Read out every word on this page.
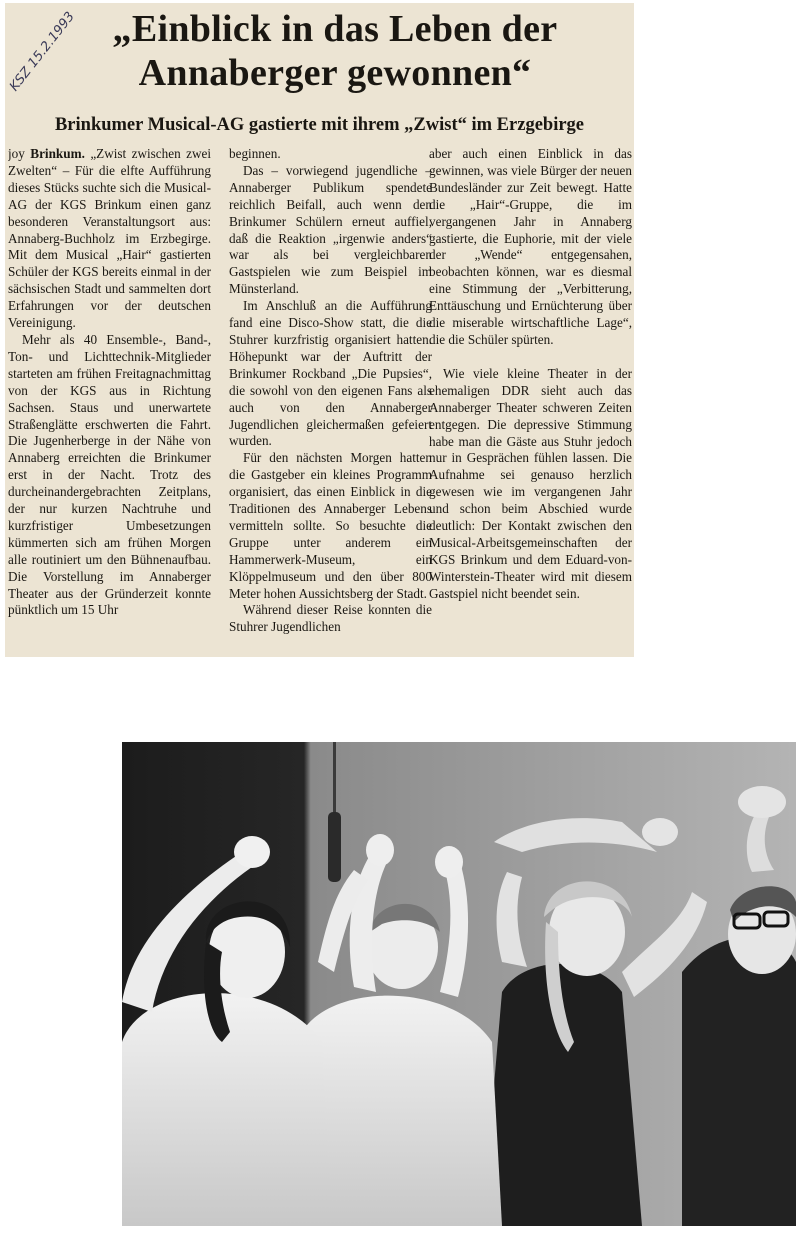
KSZ 15.2.1993 „Einblick in das Leben der
Annaberger gewonnen“
Brinkumer Musical-AG gastierte mit ihrem „Zwist“ im Erzgebirge

joy Brinkum. „Zwist zwischen zwei Zwelten“ – Für die elfte Aufführung dieses Stücks suchte sich die Musical-AG der KGS Brinkum einen ganz besonderen Veranstaltungsort aus: Annaberg-Buchholz im Erzbegirge. Mit dem Musical „Hair“ gastierten Schüler der KGS bereits einmal in der sächsischen Stadt und sammelten dort Erfahrungen vor der deutschen Vereinigung.

Mehr als 40 Ensemble-, Band-, Ton- und Lichttechnik-Mitglieder starteten am frühen Freitagnachmittag von der KGS aus in Richtung Sachsen. Staus und unerwartete Straßenglätte erschwerten die Fahrt. Die Jugenherberge in der Nähe von Annaberg erreichten die Brinkumer erst in der Nacht. Trotz des durcheinandergebrachten Zeitplans, der nur kurzen Nachtruhe und kurzfristiger Umbesetzungen kümmerten sich am frühen Morgen alle routiniert um den Bühnenaufbau. Die Vorstellung im Annaberger Theater aus der Gründerzeit konnte pünktlich um 15 Uhr

beginnen.

Das – vorwiegend jugendliche – Annaberger Publikum spendete reichlich Beifall, auch wenn den Brinkumer Schülern erneut auffiel, daß die Reaktion „irgenwie anders“ war als bei vergleichbaren Gastspielen wie zum Beispiel im Münsterland.

Im Anschluß an die Aufführung fand eine Disco-Show statt, die die Stuhrer kurzfristig organisiert hatten. Höhepunkt war der Auftritt der Brinkumer Rockband „Die Pupsies“, die sowohl von den eigenen Fans als auch von den Annaberger Jugendlichen gleichermaßen gefeiert wurden.

Für den nächsten Morgen hatten die Gastgeber ein kleines Programm organisiert, das einen Einblick in die Traditionen des Annaberger Lebens vermitteln sollte. So besuchte die Gruppe unter anderem ein Hammerwerk-Museum, ein Klöppelmuseum und den über 800 Meter hohen Aussichtsberg der Stadt.

Während dieser Reise konnten die Stuhrer Jugendlichen

aber auch einen Einblick in das gewinnen, was viele Bürger der neuen Bundesländer zur Zeit bewegt. Hatte die „Hair“-Gruppe, die im vergangenen Jahr in Annaberg gastierte, die Euphorie, mit der viele der „Wende“ entgegensahen, beobachten können, war es diesmal eine Stimmung der „Verbitterung, Enttäuschung und Ernüchterung über die miserable wirtschaftliche Lage“, die die Schüler spürten.

Wie viele kleine Theater in der ehemaligen DDR sieht auch das Annaberger Theater schweren Zeiten entgegen. Die depressive Stimmung habe man die Gäste aus Stuhr jedoch nur in Gesprächen fühlen lassen. Die Aufnahme sei genauso herzlich gewesen wie im vergangenen Jahr und schon beim Abschied wurde deutlich: Der Kontakt zwischen den Musical-Arbeitsgemeinschaften der KGS Brinkum und dem Eduard-von-Winterstein-Theater wird mit diesem Gastspiel nicht beendet sein.
